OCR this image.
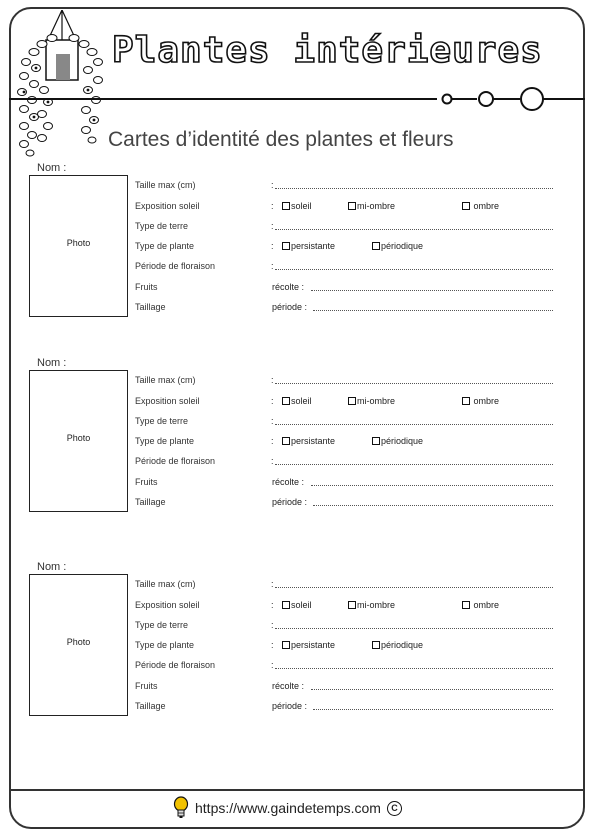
Plantes intérieures
Cartes d’identité des plantes et fleurs
Nom :
Photo
Taille max (cm)	:
Exposition soleil	:	soleil	mi-ombre	ombre
Type de terre	:
Type de plante	:	persistante	périodique
Période de floraison	:
Fruits	récolte :
Taillage	période :
Nom :
Photo
Taille max (cm)	:
Exposition soleil	:	soleil	mi-ombre	ombre
Type de terre	:
Type de plante	:	persistante	périodique
Période de floraison	:
Fruits	récolte :
Taillage	période :
Nom :
Photo
Taille max (cm)	:
Exposition soleil	:	soleil	mi-ombre	ombre
Type de terre	:
Type de plante	:	persistante	périodique
Période de floraison	:
Fruits	récolte :
Taillage	période :
https://www.gaindetemps.com	C
